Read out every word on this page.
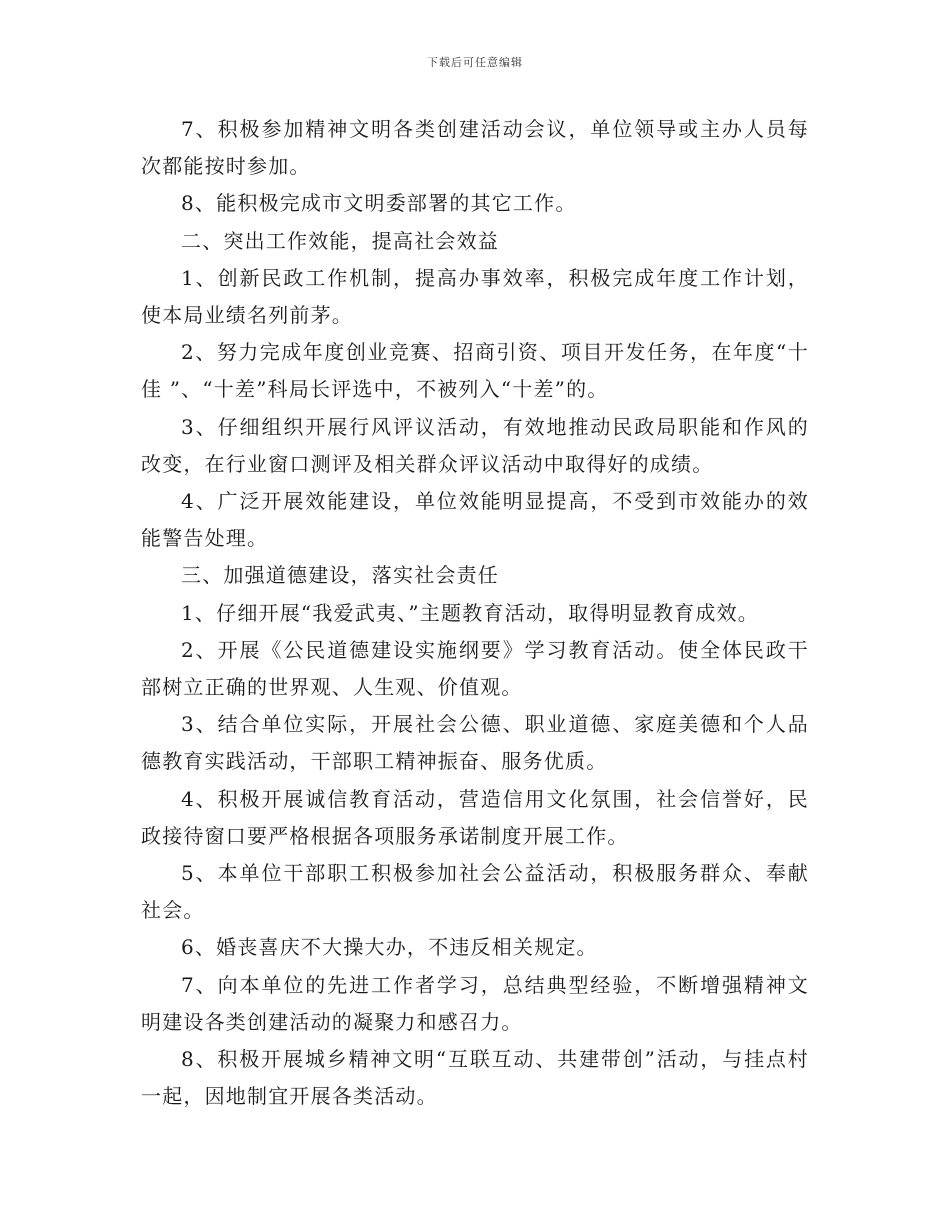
下载后可任意编辑

7、积极参加精神文明各类创建活动会议，单位领导或主办人员每次都能按时参加。

8、能积极完成市文明委部署的其它工作。

二、突出工作效能，提高社会效益

1、创新民政工作机制，提高办事效率，积极完成年度工作计划，使本局业绩名列前茅。

2、努力完成年度创业竞赛、招商引资、项目开发任务，在年度“十佳 ”、“十差”科局长评选中，不被列入“十差”的。

3、仔细组织开展行风评议活动，有效地推动民政局职能和作风的改变，在行业窗口测评及相关群众评议活动中取得好的成绩。

4、广泛开展效能建设，单位效能明显提高，不受到市效能办的效能警告处理。

三、加强道德建设，落实社会责任

1、仔细开展“我爱武夷、”主题教育活动，取得明显教育成效。

2、开展《公民道德建设实施纲要》学习教育活动。使全体民政干部树立正确的世界观、人生观、价值观。

3、结合单位实际，开展社会公德、职业道德、家庭美德和个人品德教育实践活动，干部职工精神振奋、服务优质。

4、积极开展诚信教育活动，营造信用文化氛围，社会信誉好，民政接待窗口要严格根据各项服务承诺制度开展工作。

5、本单位干部职工积极参加社会公益活动，积极服务群众、奉献社会。

6、婚丧喜庆不大操大办，不违反相关规定。

7、向本单位的先进工作者学习，总结典型经验，不断增强精神文明建设各类创建活动的凝聚力和感召力。

8、积极开展城乡精神文明“互联互动、共建带创”活动，与挂点村一起，因地制宜开展各类活动。
